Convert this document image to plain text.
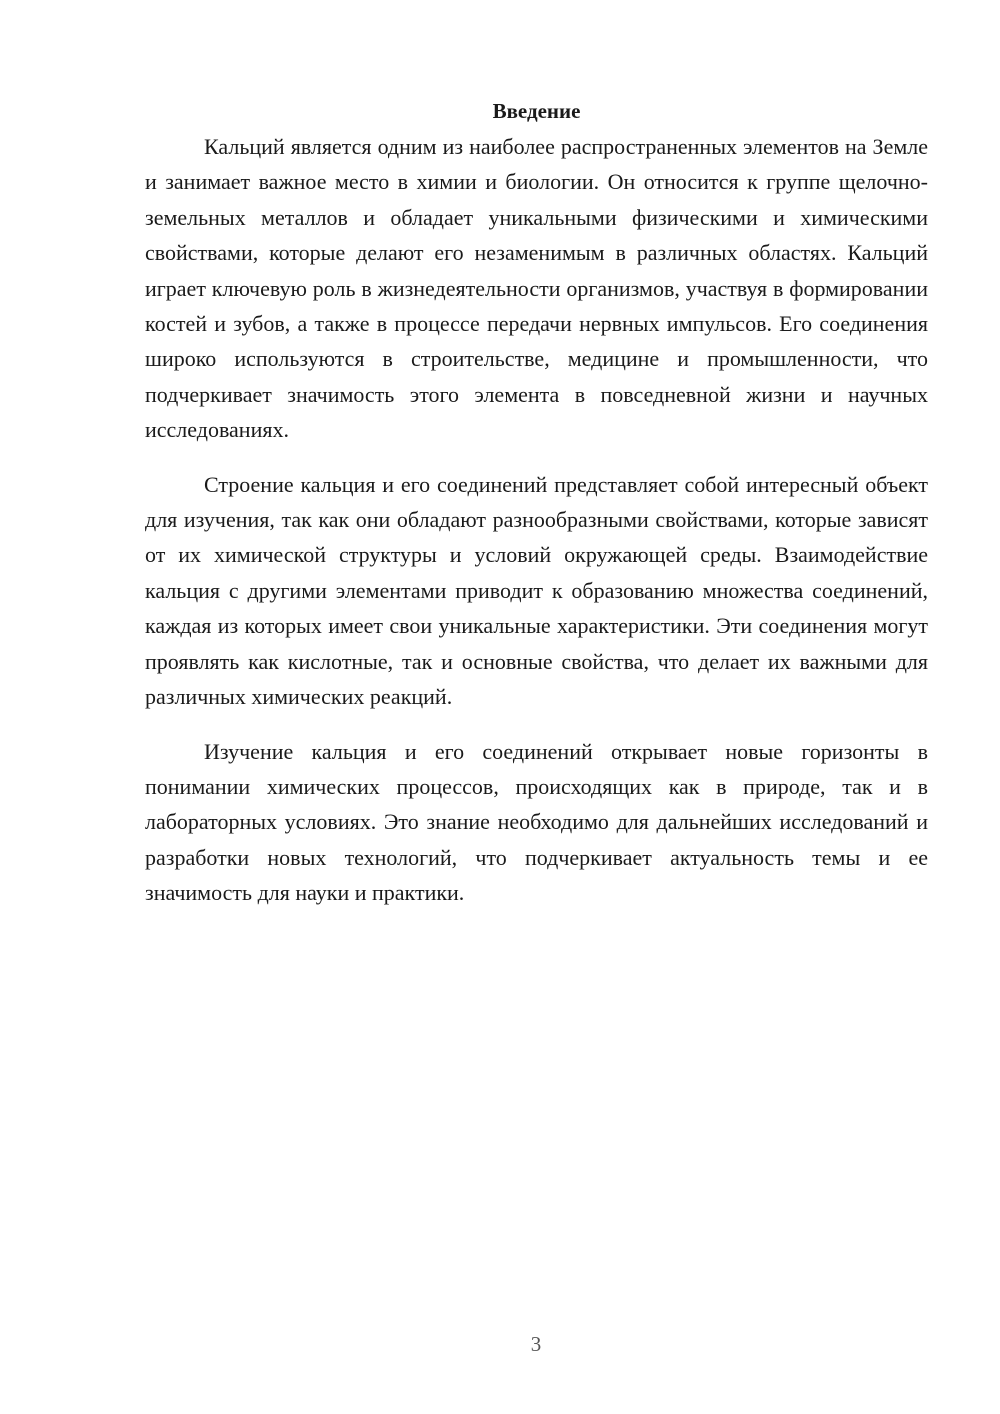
Введение

Кальций является одним из наиболее распространенных элементов на Земле и занимает важное место в химии и биологии. Он относится к группе щелочно-земельных металлов и обладает уникальными физическими и химическими свойствами, которые делают его незаменимым в различных областях. Кальций играет ключевую роль в жизнедеятельности организмов, участвуя в формировании костей и зубов, а также в процессе передачи нервных импульсов. Его соединения широко используются в строительстве, медицине и промышленности, что подчеркивает значимость этого элемента в повседневной жизни и научных исследованиях.

Строение кальция и его соединений представляет собой интересный объект для изучения, так как они обладают разнообразными свойствами, которые зависят от их химической структуры и условий окружающей среды. Взаимодействие кальция с другими элементами приводит к образованию множества соединений, каждая из которых имеет свои уникальные характеристики. Эти соединения могут проявлять как кислотные, так и основные свойства, что делает их важными для различных химических реакций.

Изучение кальция и его соединений открывает новые горизонты в понимании химических процессов, происходящих как в природе, так и в лабораторных условиях. Это знание необходимо для дальнейших исследований и разработки новых технологий, что подчеркивает актуальность темы и ее значимость для науки и практики.

3
